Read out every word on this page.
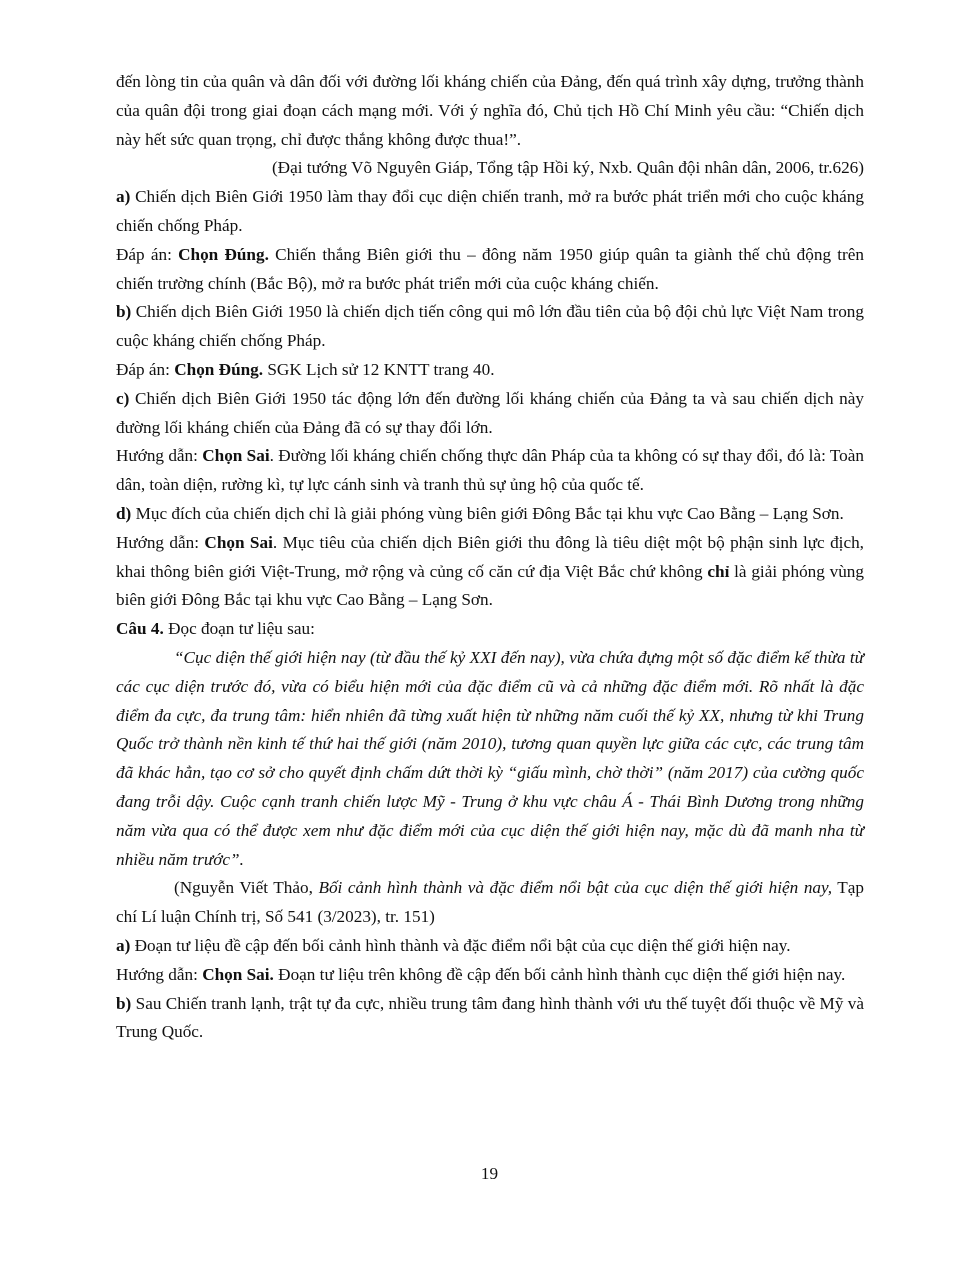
đến lòng tin của quân và dân đối với đường lối kháng chiến của Đảng, đến quá trình xây dựng, trưởng thành của quân đội trong giai đoạn cách mạng mới. Với ý nghĩa đó, Chủ tịch Hồ Chí Minh yêu cầu: “Chiến dịch này hết sức quan trọng, chỉ được thắng không được thua!”.

(Đại tướng Võ Nguyên Giáp, Tổng tập Hồi ký, Nxb. Quân đội nhân dân, 2006, tr.626)

a) Chiến dịch Biên Giới 1950 làm thay đổi cục diện chiến tranh, mở ra bước phát triển mới cho cuộc kháng chiến chống Pháp.

Đáp án: Chọn Đúng. Chiến thắng Biên giới thu – đông năm 1950 giúp quân ta giành thế chủ động trên chiến trường chính (Bắc Bộ), mở ra bước phát triển mới của cuộc kháng chiến.

b) Chiến dịch Biên Giới 1950 là chiến dịch tiến công qui mô lớn đầu tiên của bộ đội chủ lực Việt Nam trong cuộc kháng chiến chống Pháp.

Đáp án: Chọn Đúng. SGK Lịch sử 12 KNTT trang 40.

c) Chiến dịch Biên Giới 1950 tác động lớn đến đường lối kháng chiến của Đảng ta và sau chiến dịch này đường lối kháng chiến của Đảng đã có sự thay đổi lớn.

Hướng dẫn: Chọn Sai. Đường lối kháng chiến chống thực dân Pháp của ta không có sự thay đổi, đó là: Toàn dân, toàn diện, rường kì, tự lực cánh sinh và tranh thủ sự ủng hộ của quốc tế.

d) Mục đích của chiến dịch chỉ là giải phóng vùng biên giới Đông Bắc tại khu vực Cao Bằng – Lạng Sơn.

Hướng dẫn: Chọn Sai. Mục tiêu của chiến dịch Biên giới thu đông là tiêu diệt một bộ phận sinh lực địch, khai thông biên giới Việt-Trung, mở rộng và củng cố căn cứ địa Việt Bắc chứ không chỉ là giải phóng vùng biên giới Đông Bắc tại khu vực Cao Bằng – Lạng Sơn.

Câu 4. Đọc đoạn tư liệu sau:

“Cục diện thế giới hiện nay (từ đầu thế kỷ XXI đến nay), vừa chứa đựng một số đặc điểm kế thừa từ các cục diện trước đó, vừa có biểu hiện mới của đặc điểm cũ và cả những đặc điểm mới. Rõ nhất là đặc điểm đa cực, đa trung tâm: hiển nhiên đã từng xuất hiện từ những năm cuối thế kỷ XX, nhưng từ khi Trung Quốc trở thành nền kinh tế thứ hai thế giới (năm 2010), tương quan quyền lực giữa các cực, các trung tâm đã khác hẳn, tạo cơ sở cho quyết định chấm dứt thời kỳ “giấu mình, chờ thời” (năm 2017) của cường quốc đang trỗi dậy. Cuộc cạnh tranh chiến lược Mỹ - Trung ở khu vực châu Á - Thái Bình Dương trong những năm vừa qua có thể được xem như đặc điểm mới của cục diện thế giới hiện nay, mặc dù đã manh nha từ nhiều năm trước”.

(Nguyễn Viết Thảo, Bối cảnh hình thành và đặc điểm nổi bật của cục diện thế giới hiện nay, Tạp chí Lí luận Chính trị, Số 541 (3/2023), tr. 151)

a) Đoạn tư liệu đề cập đến bối cảnh hình thành và đặc điểm nổi bật của cục diện thế giới hiện nay.

Hướng dẫn: Chọn Sai. Đoạn tư liệu trên không đề cập đến bối cảnh hình thành cục diện thế giới hiện nay.

b) Sau Chiến tranh lạnh, trật tự đa cực, nhiều trung tâm đang hình thành với ưu thế tuyệt đối thuộc về Mỹ và Trung Quốc.

19
